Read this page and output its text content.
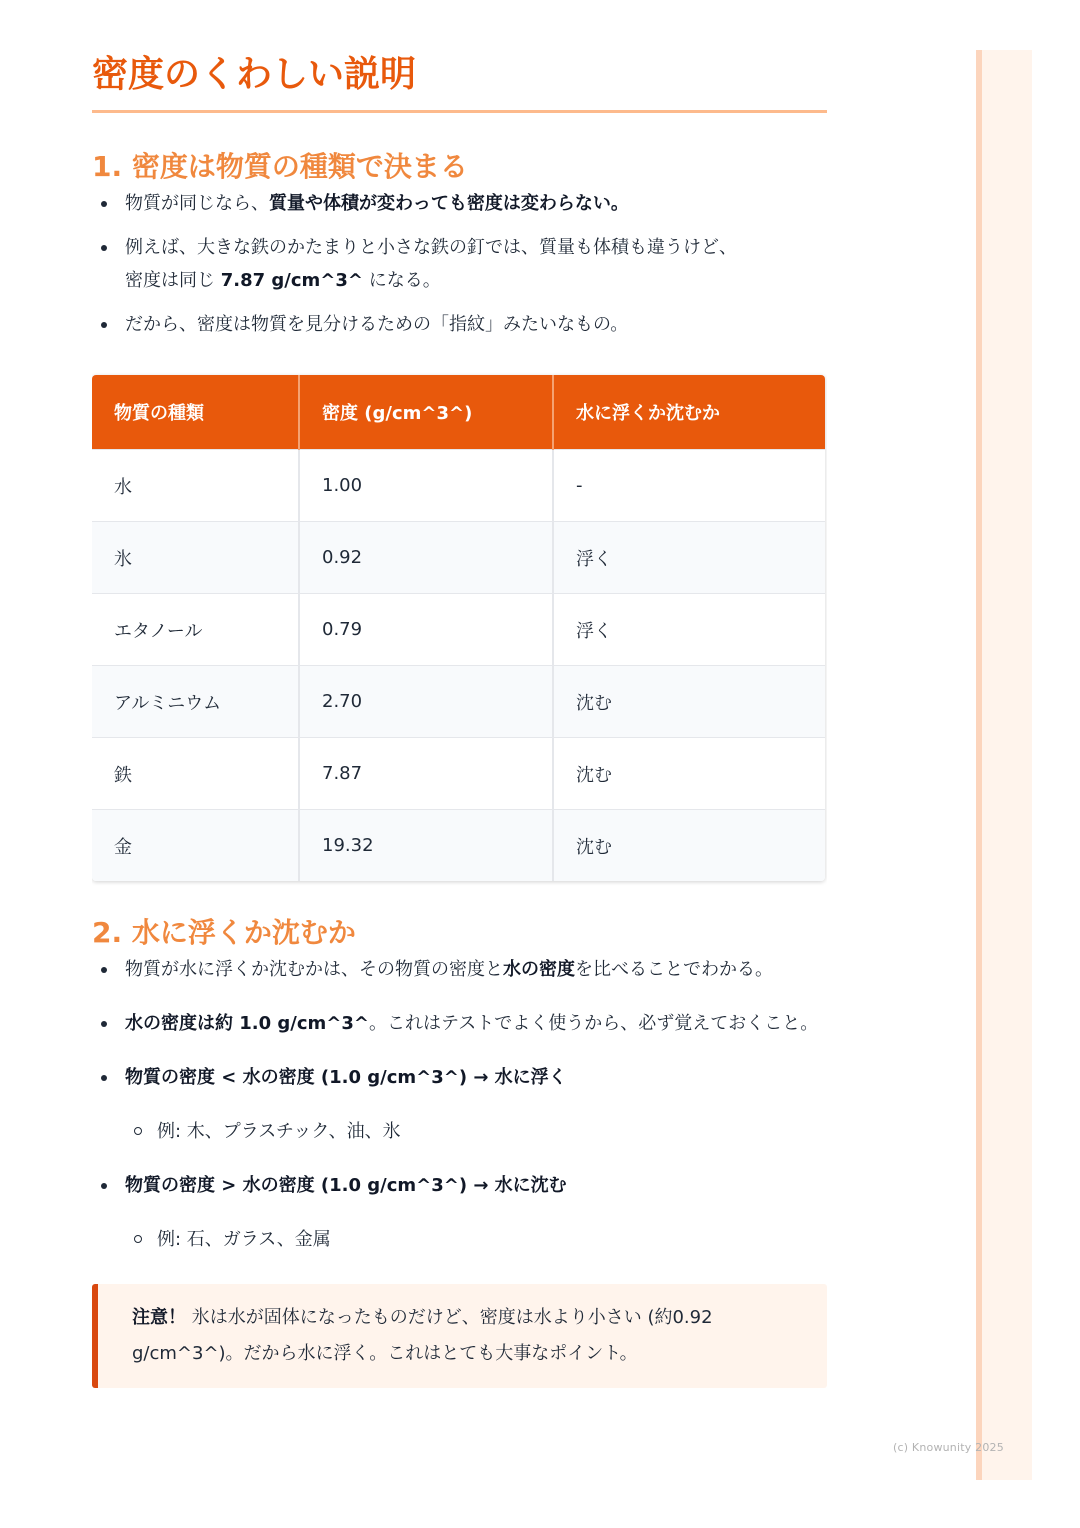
密度のくわしい説明
1. 密度は物質の種類で決まる
物質が同じなら、質量や体積が変わっても密度は変わらない。
例えば、大きな鉄のかたまりと小さな鉄の釘では、質量も体積も違うけど、
密度は同じ 7.87 g/cm^3^ になる。
だから、密度は物質を見分けるための「指紋」みたいなもの。
物質の種類	密度 (g/cm^3^)	水に浮くか沈むか
水	1.00	-
氷	0.92	浮く
エタノール	0.79	浮く
アルミニウム	2.70	沈む
鉄	7.87	沈む
金	19.32	沈む
2. 水に浮くか沈むか
物質が水に浮くか沈むかは、その物質の密度と水の密度を比べることでわかる。
水の密度は約 1.0 g/cm^3^。これはテストでよく使うから、必ず覚えておくこと。
物質の密度 < 水の密度 (1.0 g/cm^3^) → 水に浮く
例: 木、プラスチック、油、氷
物質の密度 > 水の密度 (1.0 g/cm^3^) → 水に沈む
例: 石、ガラス、金属
注意！ 氷は水が固体になったものだけど、密度は水より小さい (約0.92 g/cm^3^)。だから水に浮く。これはとても大事なポイント。
(c) Knowunity 2025
